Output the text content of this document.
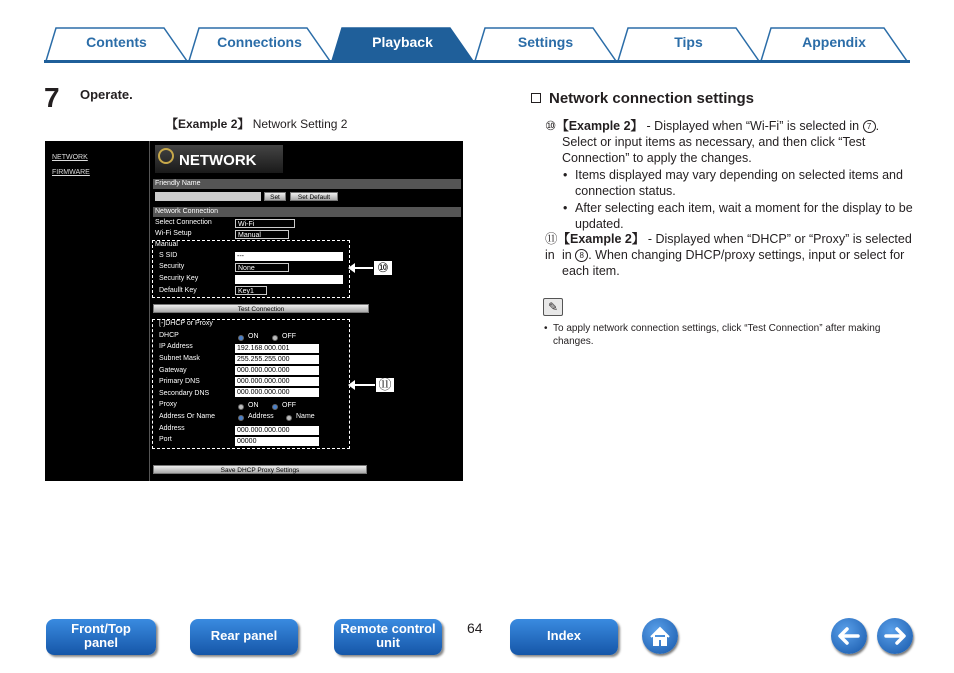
Contents	Connections	Playback	Settings	Tips	Appendix
7 Operate.
【Example 2】 Network Setting 2
NETWORK
FIRMWARE
NETWORK
Friendly Name
Set	Set Default
Network Connection
Select Connection	Wi-Fi
Wi-Fi Setup	Manual
Manual
S SID	---
Security	None
Security Key
Defaullt Key	Key1
⑩
Test Connection
[-]DHCP or Proxy
DHCP	ON	OFF
IP Address	192.168.000.001
Subnet Mask	255.255.255.000
Gateway	000.000.000.000
Primary DNS	000.000.000.000
Secondary DNS	000.000.000.000
Proxy	ON	OFF
Address Or Name	Address	Name
Address	000.000.000.000
Port	00000
⑪
Save DHCP Proxy Settings
Network connection settings
⑩【Example 2】 - Displayed when “Wi-Fi” is selected in 7 .
Select or input items as necessary, and then click “Test Connection” to apply the changes.
• Items displayed may vary depending on selected items and connection status.
• After selecting each item, wait a moment for the display to be updated.
⑪【Example 2】 - Displayed when “DHCP” or “Proxy” is selected in in 8 . When changing DHCP/proxy settings, input or select for each item.
✎
• To apply network connection settings, click “Test Connection” after making changes.
Front/Top
panel	Rear panel	Remote control
unit
64	Index
